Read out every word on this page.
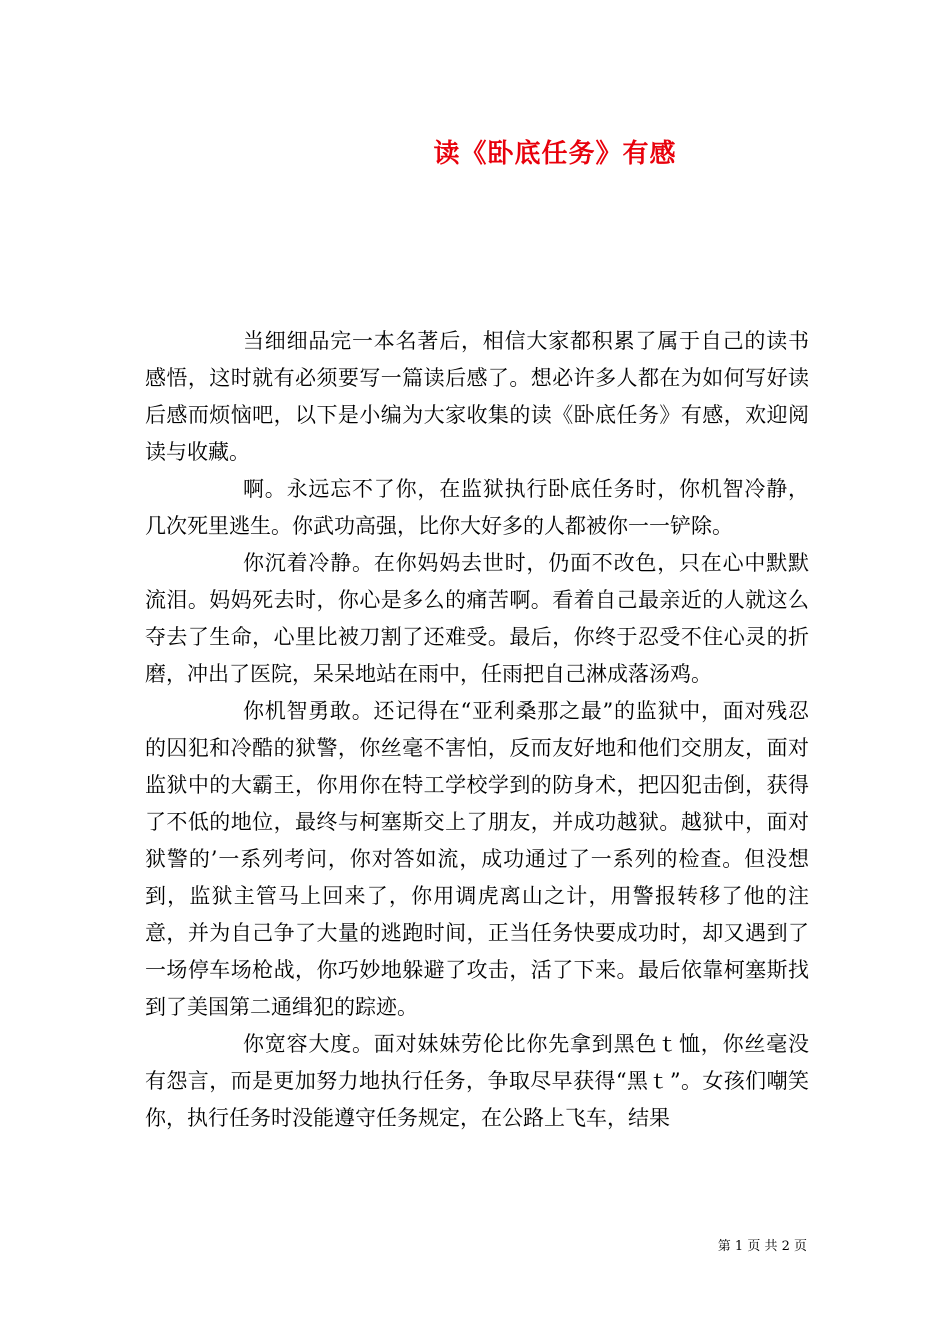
读《卧底任务》有感

当细细品完一本名著后，相信大家都积累了属于自己的读书感悟，这时就有必须要写一篇读后感了。想必许多人都在为如何写好读后感而烦恼吧，以下是小编为大家收集的读《卧底任务》有感，欢迎阅读与收藏。

啊。永远忘不了你，在监狱执行卧底任务时，你机智冷静，几次死里逃生。你武功高强，比你大好多的人都被你一一铲除。

你沉着冷静。在你妈妈去世时，仍面不改色，只在心中默默流泪。妈妈死去时，你心是多么的痛苦啊。看着自己最亲近的人就这么夺去了生命，心里比被刀割了还难受。最后，你终于忍受不住心灵的折磨，冲出了医院，呆呆地站在雨中，任雨把自己淋成落汤鸡。

你机智勇敢。还记得在“亚利桑那之最”的监狱中，面对残忍的囚犯和冷酷的狱警，你丝毫不害怕，反而友好地和他们交朋友，面对监狱中的大霸王，你用你在特工学校学到的防身术，把囚犯击倒，获得了不低的地位，最终与柯塞斯交上了朋友，并成功越狱。越狱中，面对狱警的’一系列考问，你对答如流，成功通过了一系列的检查。但没想到，监狱主管马上回来了，你用调虎离山之计，用警报转移了他的注意，并为自己争了大量的逃跑时间，正当任务快要成功时，却又遇到了一场停车场枪战，你巧妙地躲避了攻击，活了下来。最后依靠柯塞斯找到了美国第二通缉犯的踪迹。

你宽容大度。面对妹妹劳伦比你先拿到黑色ｔ恤，你丝毫没有怨言，而是更加努力地执行任务，争取尽早获得“黑ｔ”。女孩们嘲笑你，执行任务时没能遵守任务规定，在公路上飞车，结果

第 1 页 共 2 页
